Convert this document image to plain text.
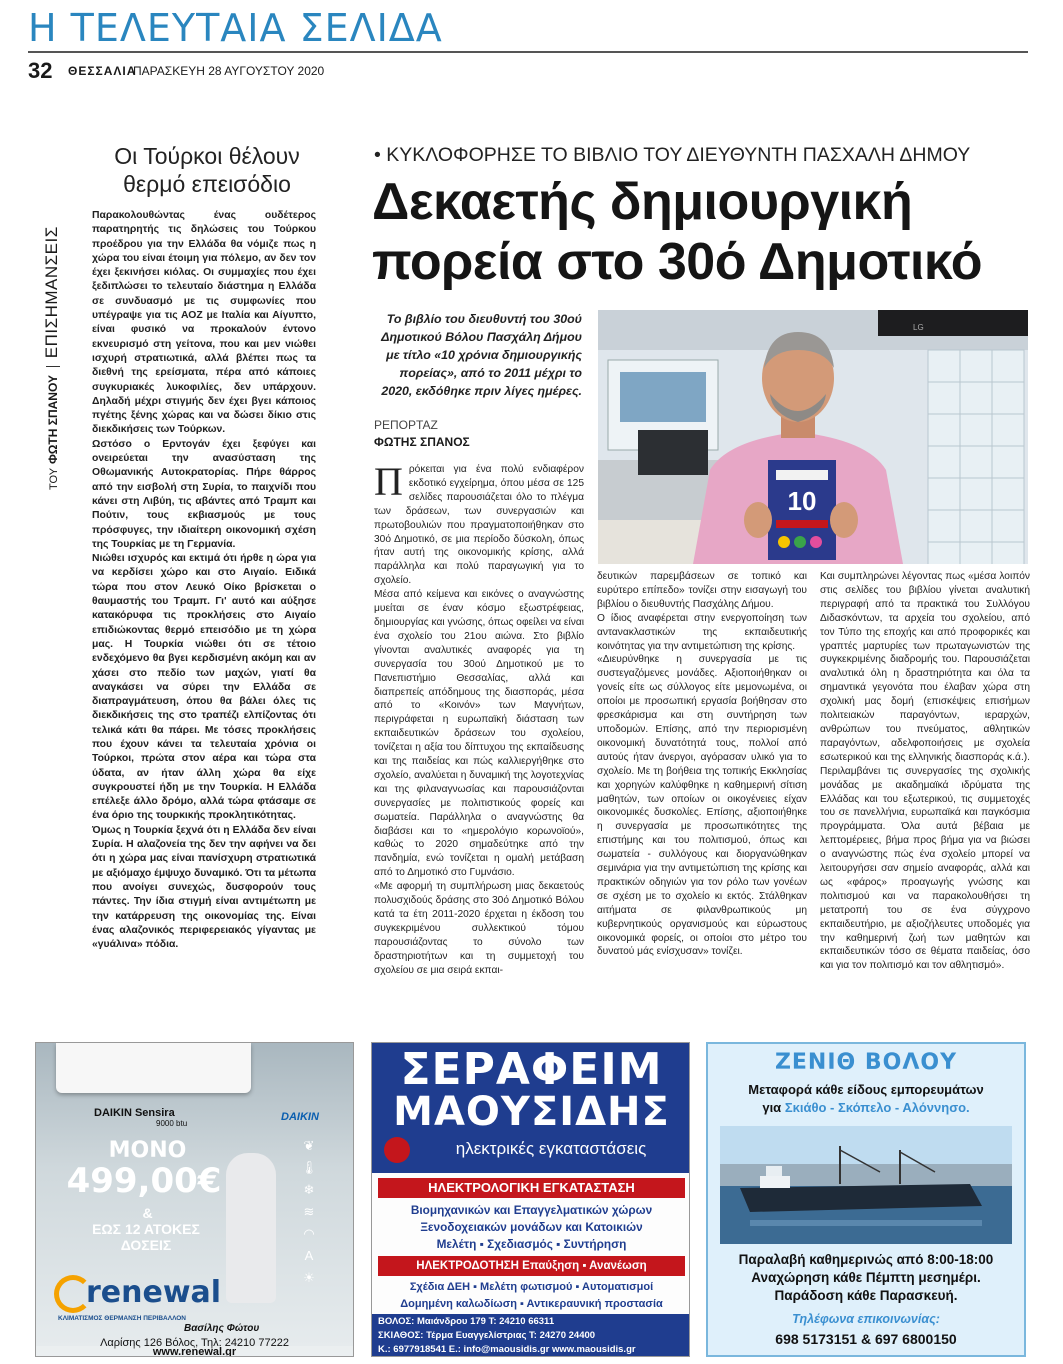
Η ΤΕΛΕΥΤΑΙΑ ΣΕΛΙΔΑ
32 ΘΕΣΣΑΛΙΑ
ΠΑΡΑΣΚΕΥΗ 28 ΑΥΓΟΥΣΤΟΥ 2020
ΤΟΥ ΦΩΤΗ ΣΠΑΝΟΥ  ΕΠΙΣΗΜΑΝΣΕΙΣ
Οι Τούρκοι θέλουν θερμό επεισόδιο

Παρακολουθώντας ένας ουδέτερος παρατηρητής τις δηλώσεις του Τούρκου προέδρου για την Ελλάδα θα νόμιζε πως η χώρα του είναι έτοιμη για πόλεμο, αν δεν τον έχει ξεκινήσει κιόλας. Οι συμμαχίες που έχει ξεδιπλώσει το τελευταίο διάστημα η Ελλάδα σε συνδυασμό με τις συμφωνίες που υπέγραψε για τις ΑΟΖ με Ιταλία και Αίγυπτο, είναι φυσικό να προκαλούν έντονο εκνευρισμό στη γείτονα, που και μεν νιώθει ισχυρή στρατιωτικά, αλλά βλέπει πως τα διεθνή της ερείσματα, πέρα από κάποιες συγκυριακές λυκοφιλίες, δεν υπάρχουν. Δηλαδή μέχρι στιγμής δεν έχει βγει κάποιος πγέτης ξένης χώρας και να δώσει δίκιο στις διεκδικήσεις των Τούρκων.

Ωστόσο ο Ερντογάν έχει ξεφύγει και ονειρεύεται την ανασύσταση της Οθωμανικής Αυτοκρατορίας. Πήρε θάρρος από την εισβολή στη Συρία, το παιχνίδι που κάνει στη Λιβύη, τις αβάντες από Τραμπ και Πούτιν, τους εκβιασμούς με τους πρόσφυγες, την ιδιαίτερη οικονομική σχέση της Τουρκίας με τη Γερμανία.

Νιώθει ισχυρός και εκτιμά ότι ήρθε η ώρα για να κερδίσει χώρο και στο Αιγαίο. Ειδικά τώρα που στον Λευκό Οίκο βρίσκεται ο θαυμαστής του Τραμπ. Γι' αυτό και αύξησε κατακόρυφα τις προκλήσεις στο Αιγαίο επιδιώκοντας θερμό επεισόδιο με τη χώρα μας. Η Τουρκία νιώθει ότι σε τέτοιο ενδεχόμενο θα βγει κερδισμένη ακόμη και αν χάσει στο πεδίο των μαχών, γιατί θα αναγκάσει να σύρει την Ελλάδα σε διαπραγμάτευση, όπου θα βάλει όλες τις διεκδικήσεις της στο τραπέζι ελπίζοντας ότι τελικά κάτι θα πάρει. Με τόσες προκλήσεις που έχουν κάνει τα τελευταία χρόνια οι Τούρκοι, πρώτα στον αέρα και τώρα στα ύδατα, αν ήταν άλλη χώρα θα είχε συγκρουστεί ήδη με την Τουρκία. Η Ελλάδα επέλεξε άλλο δρόμο, αλλά τώρα φτάσαμε σε ένα όριο της τουρκικής προκλητικότητας.

Όμως η Τουρκία ξεχνά ότι η Ελλάδα δεν είναι Συρία. Η αλαζονεία της δεν την αφήνει να δει ότι η χώρα μας είναι πανίσχυρη στρατιωτικά με αξιόμαχο έμψυχο δυναμικό. Ότι τα μέτωπα που ανοίγει συνεχώς, δυσφορούν τους πάντες. Την ίδια στιγμή είναι αντιμέτωπη με την κατάρρευση της οικονομίας της. Είναι ένας αλαζονικός περιφερειακός γίγαντας με «γυάλινα» πόδια.

• ΚΥΚΛΟΦΟΡΗΣΕ ΤΟ ΒΙΒΛΙΟ ΤΟΥ ΔΙΕΥΘΥΝΤΗ ΠΑΣΧΑΛΗ ΔΗΜΟΥ
Δεκαετής δημιουργική πορεία στο 30ό Δημοτικό
Το βιβλίο του διευθυντή του 30ού Δημοτικού Βόλου Πασχάλη Δήμου με τίτλο «10 χρόνια δημιουργικής πορείας», από το 2011 μέχρι το 2020, εκδόθηκε πριν λίγες ημέρες.
ΡΕΠΟΡΤΑΖ
ΦΩΤΗΣ ΣΠΑΝΟΣ
LG
10

Πρόκειται για ένα πολύ ενδιαφέρον εκδοτικό εγχείρημα, όπου μέσα σε 125 σελίδες παρουσιάζεται όλο το πλέγμα των δράσεων, των συνεργασιών και πρωτοβουλιών που πραγματοποιήθηκαν στο 30ό Δημοτικό, σε μια περίοδο δύσκολη, όπως ήταν αυτή της οικονομικής κρίσης, αλλά παράλληλα και πολύ παραγωγική για το σχολείο.

Μέσα από κείμενα και εικόνες ο αναγνώστης μυείται σε έναν κόσμο εξωστρέφειας, δημιουργίας και γνώσης, όπως οφείλει να είναι ένα σχολείο του 21ου αιώνα. Στο βιβλίο γίνονται αναλυτικές αναφορές για τη συνεργασία του 30ού Δημοτικού με το Πανεπιστήμιο Θεσσαλίας, αλλά και διαπρεπείς απόδημους της διασποράς, μέσα από το «Κοινόν» των Μαγνήτων, περιγράφεται η ευρωπαϊκή διάσταση των εκπαιδευτικών δράσεων του σχολείου, τονίζεται η αξία του δίπτυχου της εκπαίδευσης και της παιδείας και πώς καλλιεργήθηκε στο σχολείο, αναλύεται η δυναμική της λογοτεχνίας και της φιλαναγνωσίας και παρουσιάζονται συνεργασίες με πολιτιστικούς φορείς και σωματεία. Παράλληλα ο αναγνώστης θα διαβάσει και το «ημερολόγιο κορωνοϊού», καθώς το 2020 σημαδεύτηκε από την πανδημία, ενώ τονίζεται η ομαλή μετάβαση από το Δημοτικό στο Γυμνάσιο.

«Με αφορμή τη συμπλήρωση μιας δεκαετούς πολυσχιδούς δράσης στο 30ό Δημοτικό Βόλου κατά τα έτη 2011-2020 έρχεται η έκδοση του συγκεκριμένου συλλεκτικού τόμου παρουσιάζοντας το σύνολο των δραστηριοτήτων και τη συμμετοχή του σχολείου σε μια σειρά εκπαι-

δευτικών παρεμβάσεων σε τοπικό και ευρύτερο επίπεδο» τονίζει στην εισαγωγή του βιβλίου ο διευθυντής Πασχάλης Δήμου.

Ο ίδιος αναφέρεται στην ενεργοποίηση των αντανακλαστικών της εκπαιδευτικής κοινότητας για την αντιμετώπιση της κρίσης.

«Διευρύνθηκε η συνεργασία με τις συστεγαζόμενες μονάδες. Αξιοποιήθηκαν οι γονείς είτε ως σύλλογος είτε μεμονωμένα, οι οποίοι με προσωπική εργασία βοήθησαν στο φρεσκάρισμα και στη συντήρηση των υποδομών. Επίσης, από την περιορισμένη οικονομική δυνατότητά τους, πολλοί από αυτούς ήταν άνεργοι, αγόρασαν υλικό για το σχολείο. Με τη βοήθεια της τοπικής Εκκλησίας και χορηγών καλύφθηκε η καθημερινή σίτιση μαθητών, των οποίων οι οικογένειες είχαν οικονομικές δυσκολίες. Επίσης, αξιοποιήθηκε η συνεργασία με προσωπικότητες της επιστήμης και του πολιτισμού, όπως και σωματεία - συλλόγους και διοργανώθηκαν σεμινάρια για την αντιμετώπιση της κρίσης και πρακτικών οδηγιών για τον ρόλο των γονέων σε σχέση με το σχολείο κι εκτός. Στάλθηκαν αιτήματα σε φιλανθρωπικούς μη κυβερνητικούς οργανισμούς και εύρωστους οικονομικά φορείς, οι οποίοι στο μέτρο του δυνατού μάς ενίσχυσαν» τονίζει.

Και συμπληρώνει λέγοντας πως «μέσα λοιπόν στις σελίδες του βιβλίου γίνεται αναλυτική περιγραφή από τα πρακτικά του Συλλόγου Διδασκόντων, τα αρχεία του σχολείου, από τον Τύπο της εποχής και από προφορικές και γραπτές μαρτυρίες των πρωταγωνιστών της συγκεκριμένης διαδρομής του. Παρουσιάζεται αναλυτικά όλη η δραστηριότητα και όλα τα σημαντικά γεγονότα που έλαβαν χώρα στη σχολική μας δομή (επισκέψεις επισήμων πολιτειακών παραγόντων, ιεραρχών, ανθρώπων του πνεύματος, αθλητικών παραγόντων, αδελφοποιήσεις με σχολεία εσωτερικού και της ελληνικής διασποράς κ.ά.). Περιλαμβάνει τις συνεργασίες της σχολικής μονάδας με ακαδημαϊκά ιδρύματα της Ελλάδας και του εξωτερικού, τις συμμετοχές του σε πανελλήνια, ευρωπαϊκά και παγκόσμια προγράμματα. Όλα αυτά βέβαια με λεπτομέρειες, βήμα προς βήμα για να βιώσει ο αναγνώστης πώς ένα σχολείο μπορεί να λειτουργήσει σαν σημείο αναφοράς, αλλά και ως «φάρος» προαγωγής γνώσης και πολιτισμού και να παρακολουθήσει τη μετατροπή του σε ένα σύγχρονο εκπαιδευτήριο, με αξιοζήλευτες υποδομές για την καθημερινή ζωή των μαθητών και εκπαιδευτικών τόσο σε θέματα παιδείας, όσο και για τον πολιτισμό και τον αθλητισμό».

DAIKIN Sensira
9000 btu
DAIKIN
ΜΟΝΟ
499,00€
&
ΕΩΣ 12 ΑΤΟΚΕΣ ΔΟΣΕΙΣ
❦
🌡
❄
≋
◠
A
☀
renewal
ΚΛΙΜΑΤΙΣΜΟΣ ΘΕΡΜΑΝΣΗ ΠΕΡΙΒΑΛΛΟΝ
Βασίλης Φώτου
Λαρίσης 126 Βόλος, Τηλ: 24210 77222
www.renewal.gr
ΣΕΡΑΦΕΙΜ
ΜΑΟΥΣΙΔΗΣ
ηλεκτρικές εγκαταστάσεις
ΗΛΕΚΤΡΟΛΟΓΙΚΗ ΕΓΚΑΤΑΣΤΑΣΗ
Βιομηχανικών και Επαγγελματικών χώρων
Ξενοδοχειακών μονάδων και Κατοικιών
Μελέτη ▪ Σχεδιασμός ▪ Συντήρηση
ΗΛΕΚΤΡΟΔΟΤΗΣΗ Επαύξηση ▪ Ανανέωση
Σχέδια ΔΕΗ ▪ Μελέτη φωτισμού ▪ Αυτοματισμοί
Δομημένη καλωδίωση ▪ Αντικεραυνική προστασία
ΒΟΛΟΣ: Μαιάνδρου 179 Τ: 24210 66311
ΣΚΙΑΘΟΣ: Τέρμα Ευαγγελίστριας Τ: 24270 24400
Κ.: 6977918541 E.: info@maousidis.gr www.maousidis.gr
ΖΕΝΙΘ ΒΟΛΟΥ
Μεταφορά κάθε είδους εμπορευμάτων
για Σκιάθο - Σκόπελο - Αλόννησο.
Παραλαβή καθημερινώς από 8:00-18:00
Αναχώρηση κάθε Πέμπτη μεσημέρι.
Παράδοση κάθε Παρασκευή.
Τηλέφωνα επικοινωνίας:
698 5173151 & 697 6800150
